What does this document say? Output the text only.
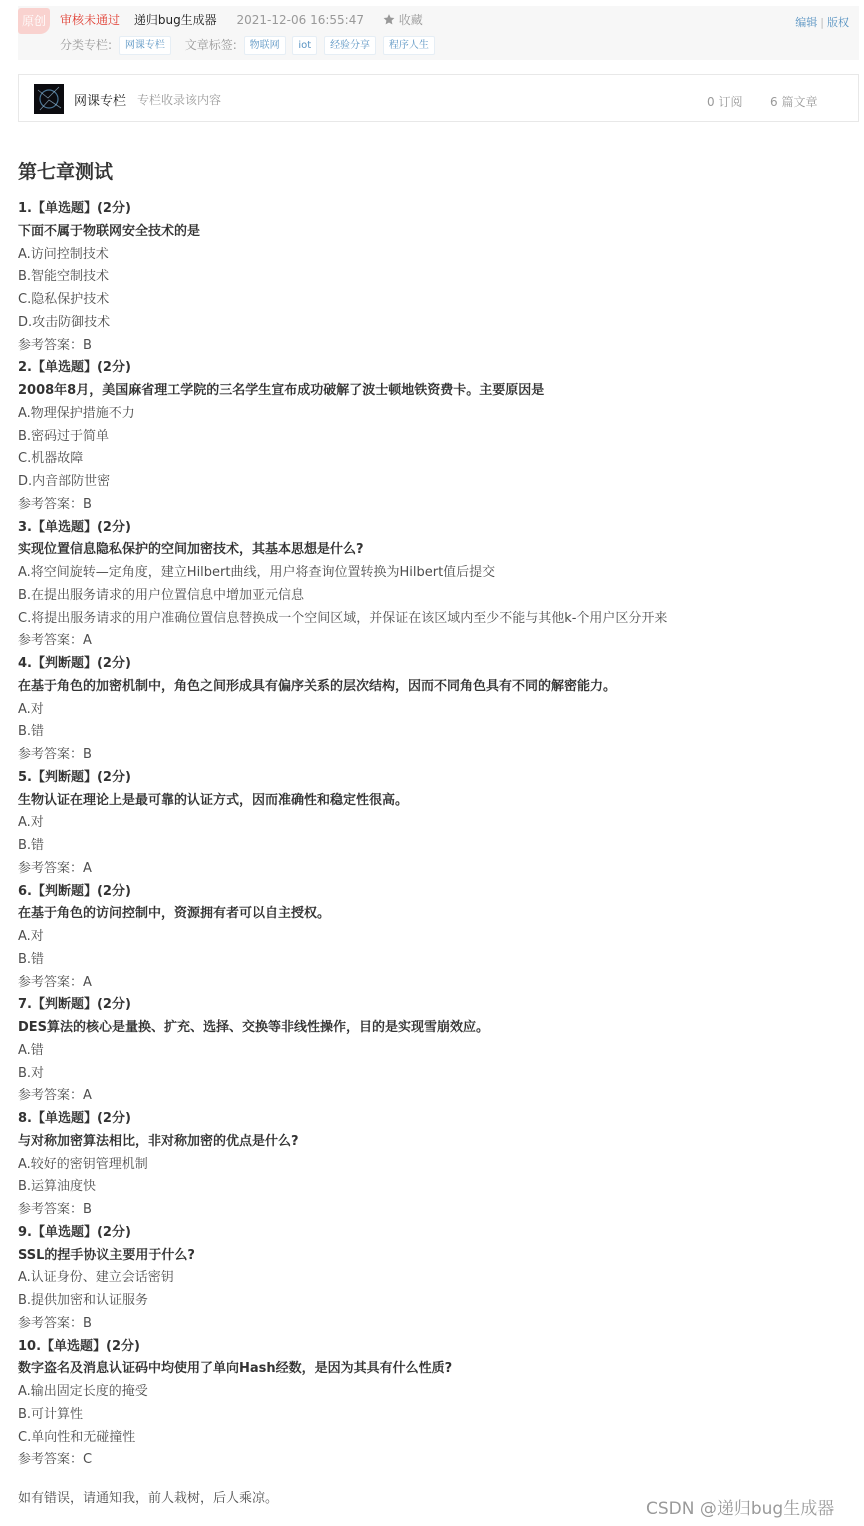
原创	审核未通过 递归bug生成器 2021-12-06 16:55:47	收藏	编辑 | 版权
分类专栏: 网课专栏 文章标签: 物联网 iot 经验分享 程序人生
网课专栏 专栏收录该内容	0 订阅 6 篇文章
第七章测试
1.【单选题】(2分)
下面不属于物联网安全技术的是
A.访问控制技术
B.智能空制技术
C.隐私保护技术
D.攻击防御技术
参考答案：B
2.【单选题】(2分)
2008年8月，美国麻省理工学院的三名学生宣布成功破解了波士顿地铁资费卡。主要原因是
A.物理保护措施不力
B.密码过于简单
C.机器故障
D.内音部防世密
参考答案：B
3.【单选题】(2分)
实现位置信息隐私保护的空间加密技术，其基本思想是什么?
A.将空间旋转—定角度，建立Hilbert曲线，用户将查询位置转换为Hilbert值后提交
B.在提出服务请求的用户位置信息中增加亚元信息
C.将提出服务请求的用户准确位置信息替换成一个空间区域，并保证在该区域内至少不能与其他k-个用户区分开来
参考答案：A
4.【判断题】(2分)
在基于角色的加密机制中，角色之间形成具有偏序关系的层次结构，因而不同角色具有不同的解密能力。
A.对
B.错
参考答案：B
5.【判断题】(2分)
生物认证在理论上是最可靠的认证方式，因而准确性和稳定性很高。
A.对
B.错
参考答案：A
6.【判断题】(2分)
在基于角色的访问控制中，资源拥有者可以自主授权。
A.对
B.错
参考答案：A
7.【判断题】(2分)
DES算法的核心是量换、扩充、选择、交换等非线性操作，目的是实现雪崩效应。
A.错
B.对
参考答案：A
8.【单选题】(2分)
与对称加密算法相比，非对称加密的优点是什么?
A.较好的密钥管理机制
B.运算油度快
参考答案：B
9.【单选题】(2分)
SSL的捏手协议主要用于什么?
A.认证身份、建立会话密钥
B.提供加密和认证服务
参考答案：B
10.【单选题】(2分)
数字盗名及消息认证码中均使用了单向Hash经数，是因为其具有什么性质?
A.输出固定长度的掩受
B.可计算性
C.单向性和无碰撞性
参考答案：C
如有错误，请通知我，前人栽树，后人乘凉。
CSDN @递归bug生成器
